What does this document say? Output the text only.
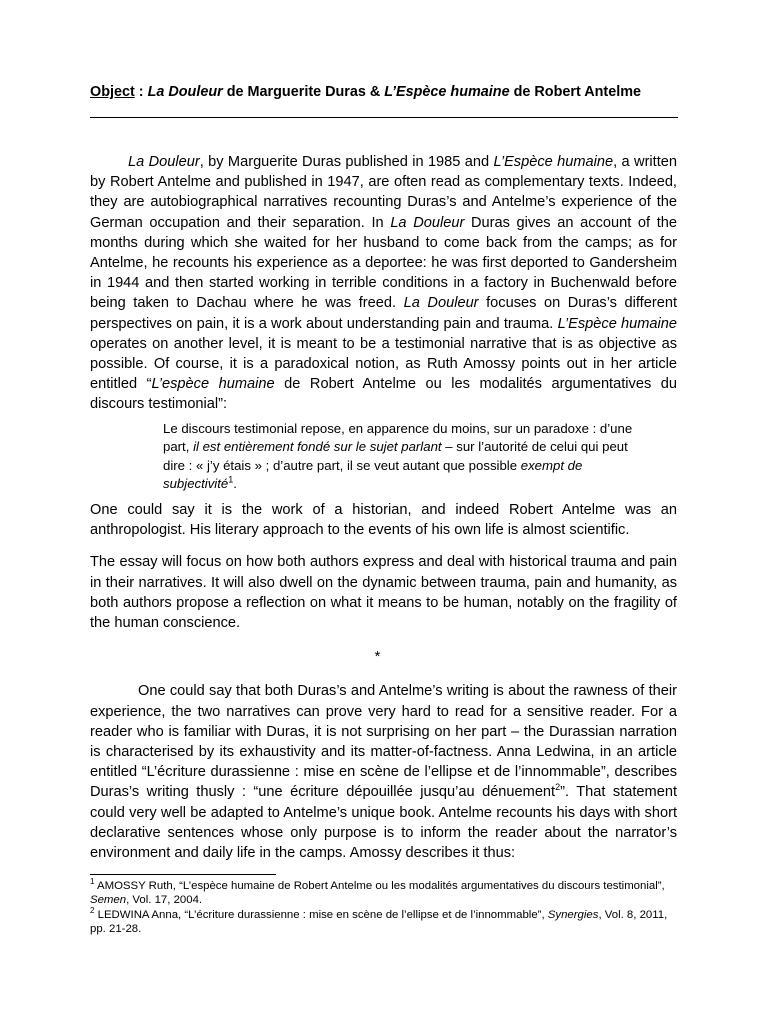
Object : La Douleur de Marguerite Duras & L’Espèce humaine de Robert Antelme

La Douleur, by Marguerite Duras published in 1985 and L’Espèce humaine, a written by Robert Antelme and published in 1947, are often read as complementary texts. Indeed, they are autobiographical narratives recounting Duras’s and Antelme’s experience of the German occupation and their separation. In La Douleur Duras gives an account of the months during which she waited for her husband to come back from the camps; as for Antelme, he recounts his experience as a deportee: he was first deported to Gandersheim in 1944 and then started working in terrible conditions in a factory in Buchenwald before being taken to Dachau where he was freed. La Douleur focuses on Duras’s different perspectives on pain, it is a work about understanding pain and trauma. L’Espèce humaine operates on another level, it is meant to be a testimonial narrative that is as objective as possible. Of course, it is a paradoxical notion, as Ruth Amossy points out in her article entitled “L’espèce humaine de Robert Antelme ou les modalités argumentatives du discours testimonial”:

Le discours testimonial repose, en apparence du moins, sur un paradoxe : d’une part, il est entièrement fondé sur le sujet parlant – sur l’autorité de celui qui peut dire : « j’y étais » ; d’autre part, il se veut autant que possible exempt de subjectivité$^1$.

One could say it is the work of a historian, and indeed Robert Antelme was an anthropologist. His literary approach to the events of his own life is almost scientific.

The essay will focus on how both authors express and deal with historical trauma and pain in their narratives. It will also dwell on the dynamic between trauma, pain and humanity, as both authors propose a reflection on what it means to be human, notably on the fragility of the human conscience.

*

One could say that both Duras’s and Antelme’s writing is about the rawness of their experience, the two narratives can prove very hard to read for a sensitive reader. For a reader who is familiar with Duras, it is not surprising on her part – the Durassian narration is characterised by its exhaustivity and its matter-of-factness. Anna Ledwina, in an article entitled “L’écriture durassienne : mise en scène de l’ellipse et de l’innommable”, describes Duras’s writing thusly : “une écriture dépouillée jusqu’au dénuement$^2$”. That statement could very well be adapted to Antelme’s unique book. Antelme recounts his days with short declarative sentences whose only purpose is to inform the reader about the narrator’s environment and daily life in the camps. Amossy describes it thus:

$^1$ AMOSSY Ruth, “L’espèce humaine de Robert Antelme ou les modalités argumentatives du discours testimonial”, Semen, Vol. 17, 2004.

$^2$ LEDWINA Anna, “L’écriture durassienne : mise en scène de l’ellipse et de l’innommable”, Synergies, Vol. 8, 2011, pp. 21-28.
